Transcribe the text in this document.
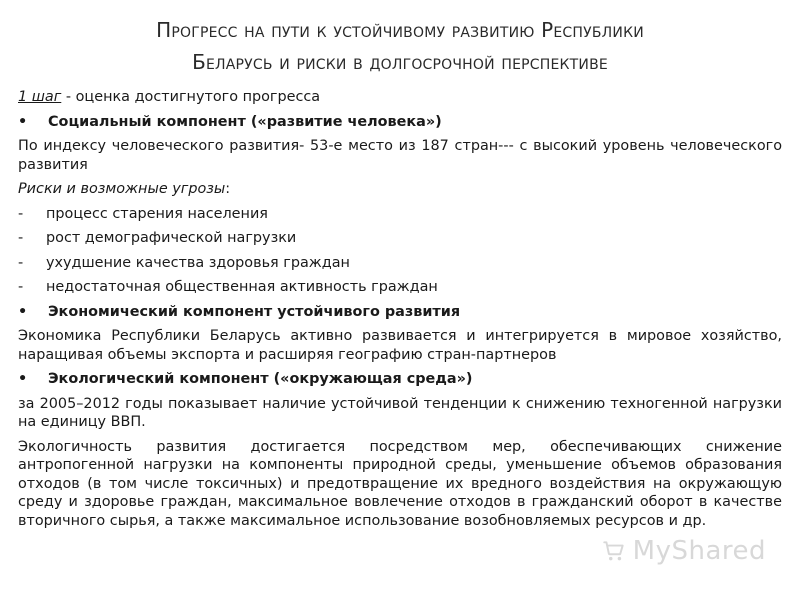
Прогресс на пути к устойчивому развитию Республики
Беларусь и риски в долгосрочной перспективе
1 шаг - оценка достигнутого прогресса
•	Социальный компонент («развитие человека»)

По индексу человеческого развития- 53-е место из 187 стран--- с высокий уровень человеческого развития

Риски и возможные угрозы:

-	процесс старения населения
-	рост демографической нагрузки
-	ухудшение качества здоровья граждан
-	недостаточная общественная активность граждан
•	Экономический компонент устойчивого развития

Экономика Республики Беларусь активно развивается и интегрируется в мировое хозяйство, наращивая объемы экспорта и расширяя географию стран-партнеров

•	Экологический компонент («окружающая среда»)

за 2005–2012 годы показывает наличие устойчивой тенденции к снижению техногенной нагрузки на единицу ВВП.

Экологичность развития достигается посредством мер, обеспечивающих снижение антропогенной нагрузки на компоненты природной среды, уменьшение объемов образования отходов (в том числе токсичных) и предотвращение их вредного воздействия на окружающую среду и здоровье граждан, максимальное вовлечение отходов в гражданский оборот в качестве вторичного сырья, а также максимальное использование возобновляемых ресурсов и др.

MyShared
